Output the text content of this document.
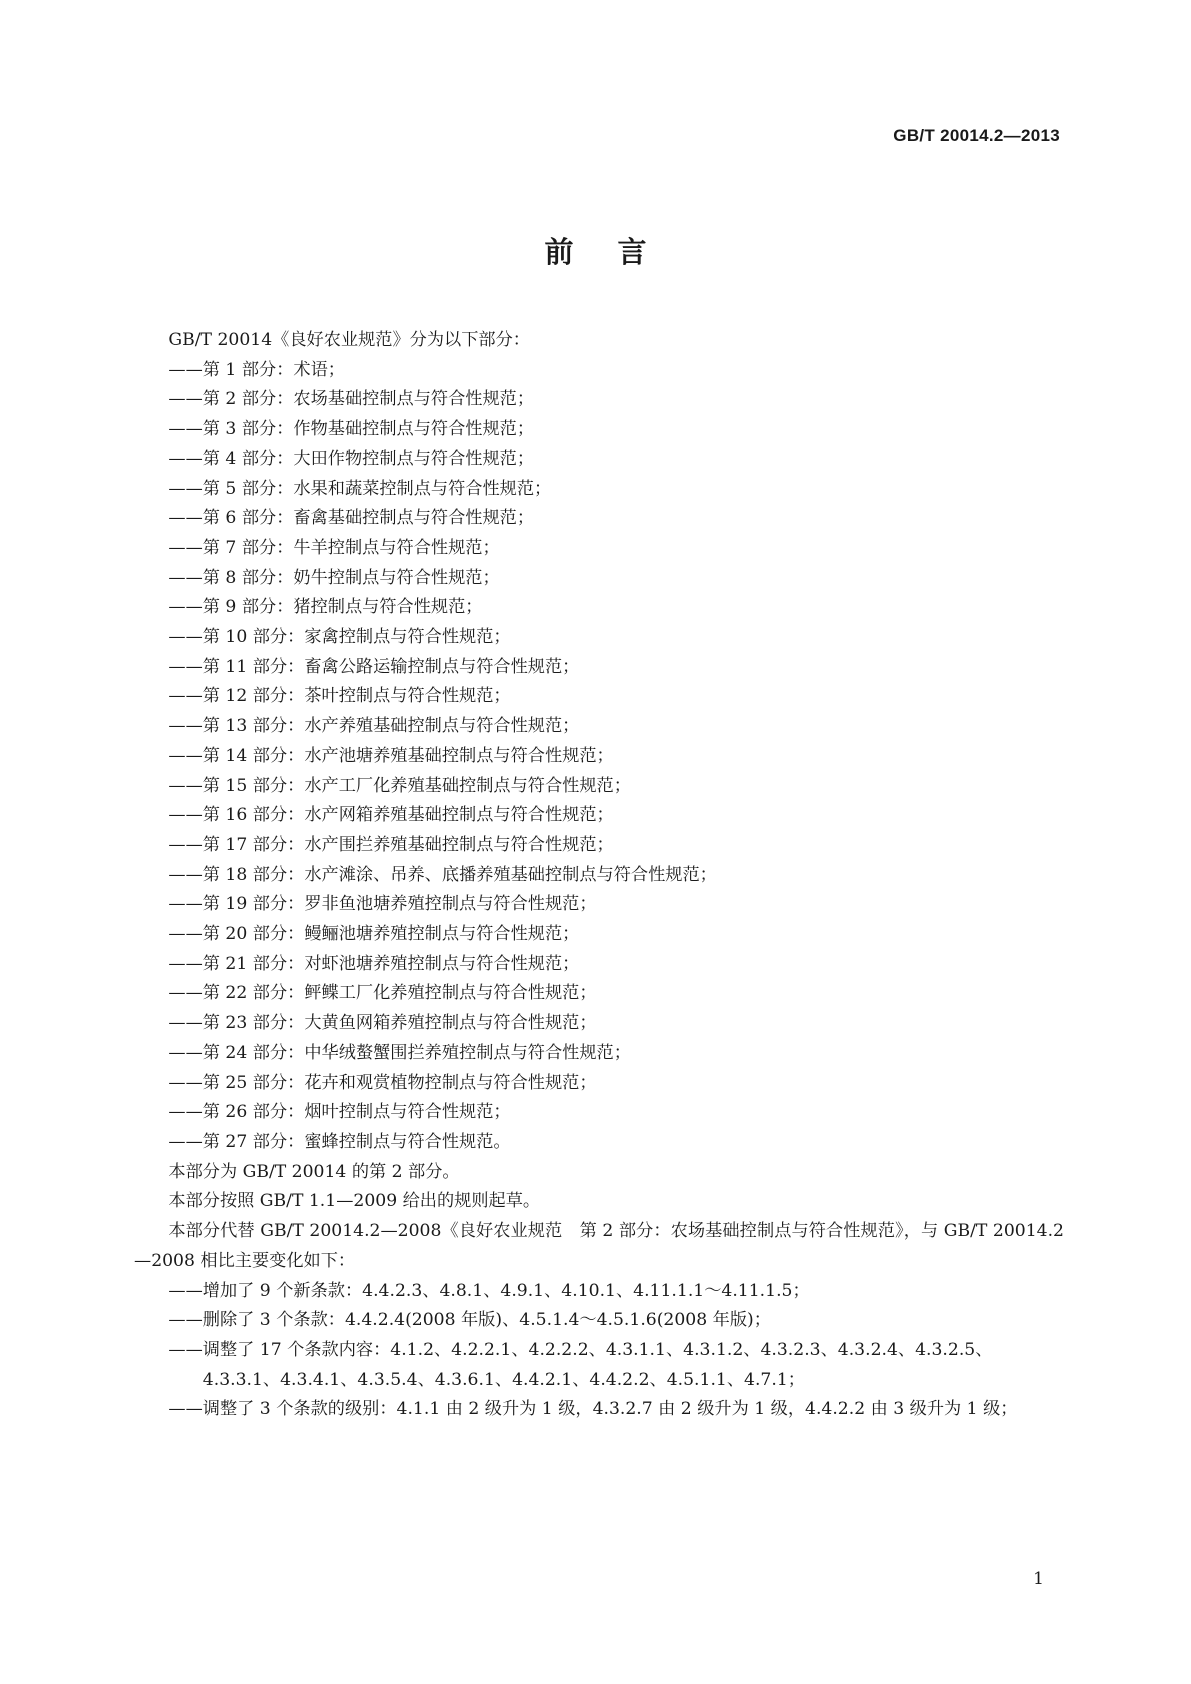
GB/T 20014.2—2013
前言

GB/T 20014《良好农业规范》分为以下部分：

——第 1 部分：术语；

——第 2 部分：农场基础控制点与符合性规范；

——第 3 部分：作物基础控制点与符合性规范；

——第 4 部分：大田作物控制点与符合性规范；

——第 5 部分：水果和蔬菜控制点与符合性规范；

——第 6 部分：畜禽基础控制点与符合性规范；

——第 7 部分：牛羊控制点与符合性规范；

——第 8 部分：奶牛控制点与符合性规范；

——第 9 部分：猪控制点与符合性规范；

——第 10 部分：家禽控制点与符合性规范；

——第 11 部分：畜禽公路运输控制点与符合性规范；

——第 12 部分：茶叶控制点与符合性规范；

——第 13 部分：水产养殖基础控制点与符合性规范；

——第 14 部分：水产池塘养殖基础控制点与符合性规范；

——第 15 部分：水产工厂化养殖基础控制点与符合性规范；

——第 16 部分：水产网箱养殖基础控制点与符合性规范；

——第 17 部分：水产围拦养殖基础控制点与符合性规范；

——第 18 部分：水产滩涂、吊养、底播养殖基础控制点与符合性规范；

——第 19 部分：罗非鱼池塘养殖控制点与符合性规范；

——第 20 部分：鳗鲡池塘养殖控制点与符合性规范；

——第 21 部分：对虾池塘养殖控制点与符合性规范；

——第 22 部分：鲆鲽工厂化养殖控制点与符合性规范；

——第 23 部分：大黄鱼网箱养殖控制点与符合性规范；

——第 24 部分：中华绒螯蟹围拦养殖控制点与符合性规范；

——第 25 部分：花卉和观赏植物控制点与符合性规范；

——第 26 部分：烟叶控制点与符合性规范；

——第 27 部分：蜜蜂控制点与符合性规范。

本部分为 GB/T 20014 的第 2 部分。

本部分按照 GB/T 1.1—2009 给出的规则起草。

本部分代替 GB/T 20014.2—2008《良好农业规范　第 2 部分：农场基础控制点与符合性规范》，与 GB/T 20014.2—2008 相比主要变化如下：

——增加了 9 个新条款：4.4.2.3、4.8.1、4.9.1、4.10.1、4.11.1.1～4.11.1.5；

——删除了 3 个条款：4.4.2.4(2008 年版)、4.5.1.4～4.5.1.6(2008 年版)；

——调整了 17 个条款内容：4.1.2、4.2.2.1、4.2.2.2、4.3.1.1、4.3.1.2、4.3.2.3、4.3.2.4、4.3.2.5、4.3.3.1、4.3.4.1、4.3.5.4、4.3.6.1、4.4.2.1、4.4.2.2、4.5.1.1、4.7.1；

——调整了 3 个条款的级别：4.1.1 由 2 级升为 1 级，4.3.2.7 由 2 级升为 1 级，4.4.2.2 由 3 级升为 1 级；

1
